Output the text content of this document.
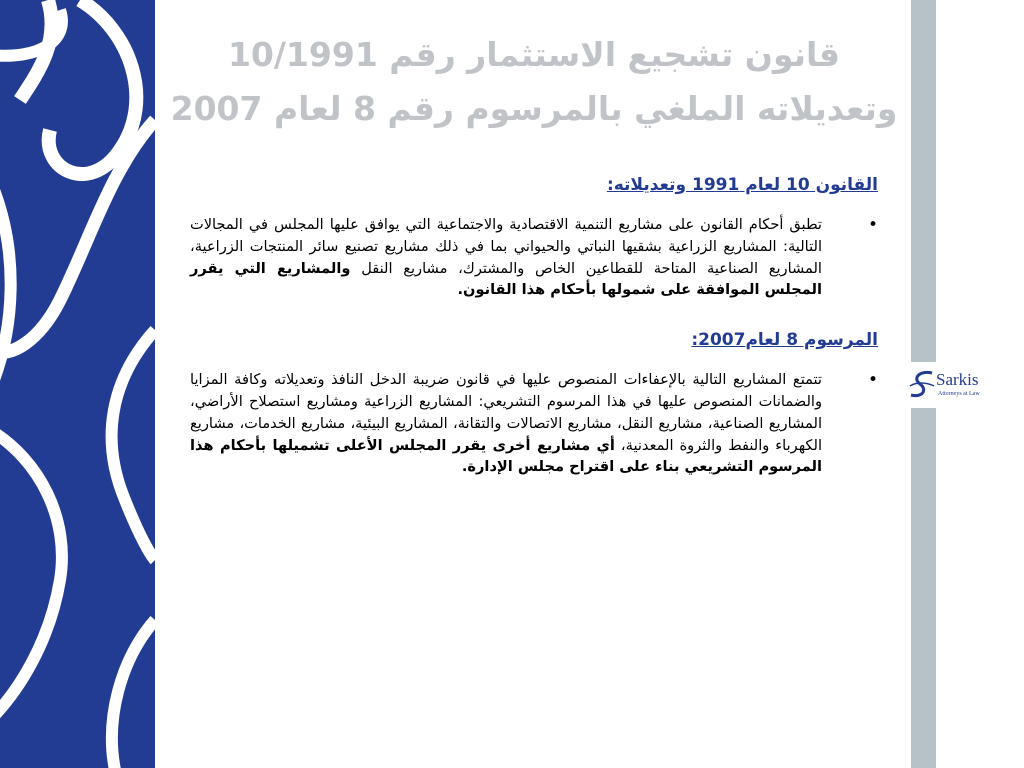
Sarkis
Attorneys at Law
قانون تشجيع الاستثمار رقم 10/1991
وتعديلاته الملغي بالمرسوم رقم 8 لعام 2007

القانون 10 لعام 1991 وتعديلاته:

•

تطبق أحكام القانون على مشاريع التنمية الاقتصادية والاجتماعية التي يوافق عليها المجلس في المجالات التالية: المشاريع الزراعية بشقيها النباتي والحيواني بما في ذلك مشاريع تصنيع سائر المنتجات الزراعية، المشاريع الصناعية المتاحة للقطاعين الخاص والمشترك، مشاريع النقل والمشاريع التي يقرر المجلس الموافقة على شمولها بأحكام هذا القانون.

المرسوم 8 لعام2007:

•

تتمتع المشاريع التالية بالإعفاءات المنصوص عليها في قانون ضريبة الدخل النافذ وتعديلاته وكافة المزايا والضمانات المنصوص عليها في هذا المرسوم التشريعي: المشاريع الزراعية ومشاريع استصلاح الأراضي، المشاريع الصناعية، مشاريع النقل، مشاريع الاتصالات والتقانة، المشاريع البيئية، مشاريع الخدمات، مشاريع الكهرباء والنفط والثروة المعدنية، أي مشاريع أخرى يقرر المجلس الأعلى تشميلها بأحكام هذا المرسوم التشريعي بناء على اقتراح مجلس الإدارة.
